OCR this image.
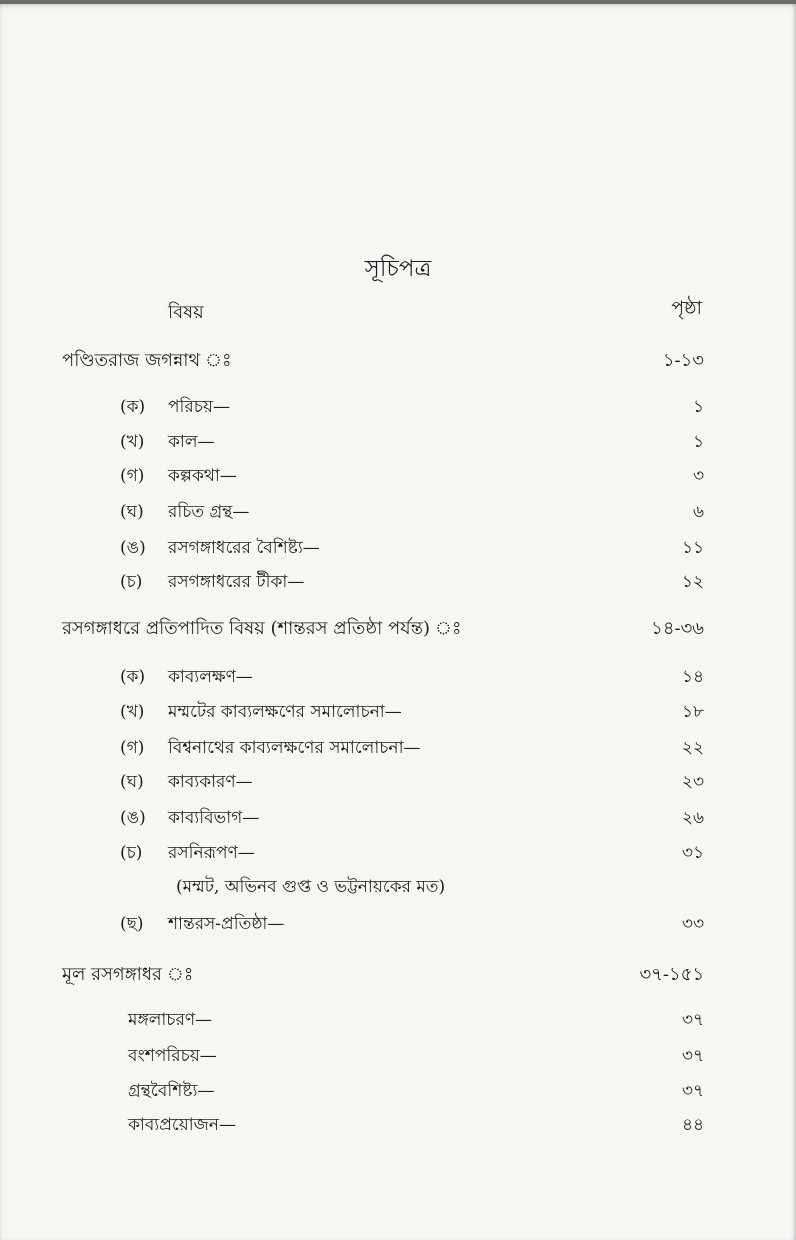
সূচিপত্র
বিষয়	পৃষ্ঠা
পণ্ডিতরাজ জগন্নাথ ঃ	১-১৩
(ক) পরিচয়—	১
(খ) কাল—	১
(গ) কল্পকথা—	৩
(ঘ) রচিত গ্রন্থ—	৬
(ঙ) রসগঙ্গাধরের বৈশিষ্ট্য—	১১
(চ) রসগঙ্গাধরের টীকা—	১২
রসগঙ্গাধরে প্রতিপাদিত বিষয় (শান্তরস প্রতিষ্ঠা পর্যন্ত) ঃ	১৪-৩৬
(ক) কাব্যলক্ষণ—	১৪
(খ) মম্মটের কাব্যলক্ষণের সমালোচনা—	১৮
(গ) বিশ্বনাথের কাব্যলক্ষণের সমালোচনা—	২২
(ঘ) কাব্যকারণ—	২৩
(ঙ) কাব্যবিভাগ—	২৬
(চ) রসনিরূপণ—	৩১
(মম্মট, অভিনব গুপ্ত ও ভট্টনায়কের মত)
(ছ) শান্তরস-প্রতিষ্ঠা—	৩৩
মূল রসগঙ্গাধর ঃ	৩৭-১৫১
মঙ্গলাচরণ—	৩৭
বংশপরিচয়—	৩৭
গ্রন্থবৈশিষ্ট্য—	৩৭
কাব্যপ্রয়োজন—	৪৪
